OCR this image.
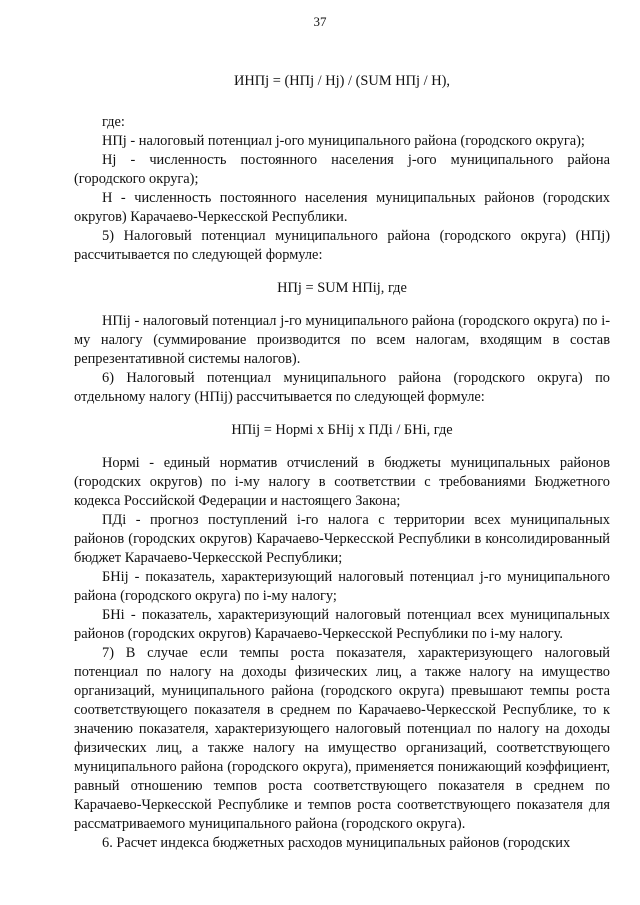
37
ИНПj = (НПj / Нj) / (SUM НПj / Н),

где:

НПj - налоговый потенциал j-ого муниципального района (городского округа);

Нj - численность постоянного населения j-ого муниципального района (городского округа);

Н - численность постоянного населения муниципальных районов (городских округов) Карачаево-Черкесской Республики.

5) Налоговый потенциал муниципального района (городского округа) (НПj) рассчитывается по следующей формуле:

НПj = SUM НПij, где

НПij - налоговый потенциал j-го муниципального района (городского округа) по i-му налогу (суммирование производится по всем налогам, входящим в состав репрезентативной системы налогов).

6) Налоговый потенциал муниципального района (городского округа) по отдельному налогу (НПij) рассчитывается по следующей формуле:

НПij = Нормi x БНij x ПДi / БНi, где

Нормi - единый норматив отчислений в бюджеты муниципальных районов (городских округов) по i-му налогу в соответствии с требованиями Бюджетного кодекса Российской Федерации и настоящего Закона;

ПДi - прогноз поступлений i-го налога с территории всех муниципальных районов (городских округов) Карачаево-Черкесской Республики в консолидированный бюджет Карачаево-Черкесской Республики;

БНij - показатель, характеризующий налоговый потенциал j-го муниципального района (городского округа) по i-му налогу;

БНi - показатель, характеризующий налоговый потенциал всех муниципальных районов (городских округов) Карачаево-Черкесской Республики по i-му налогу.

7) В случае если темпы роста показателя, характеризующего налоговый потенциал по налогу на доходы физических лиц, а также налогу на имущество организаций, муниципального района (городского округа) превышают темпы роста соответствующего показателя в среднем по Карачаево-Черкесской Республике, то к значению показателя, характеризующего налоговый потенциал по налогу на доходы физических лиц, а также налогу на имущество организаций, соответствующего муниципального района (городского округа), применяется понижающий коэффициент, равный отношению темпов роста соответствующего показателя в среднем по Карачаево-Черкесской Республике и темпов роста соответствующего показателя для рассматриваемого муниципального района (городского округа).

6. Расчет индекса бюджетных расходов муниципальных районов (городских
